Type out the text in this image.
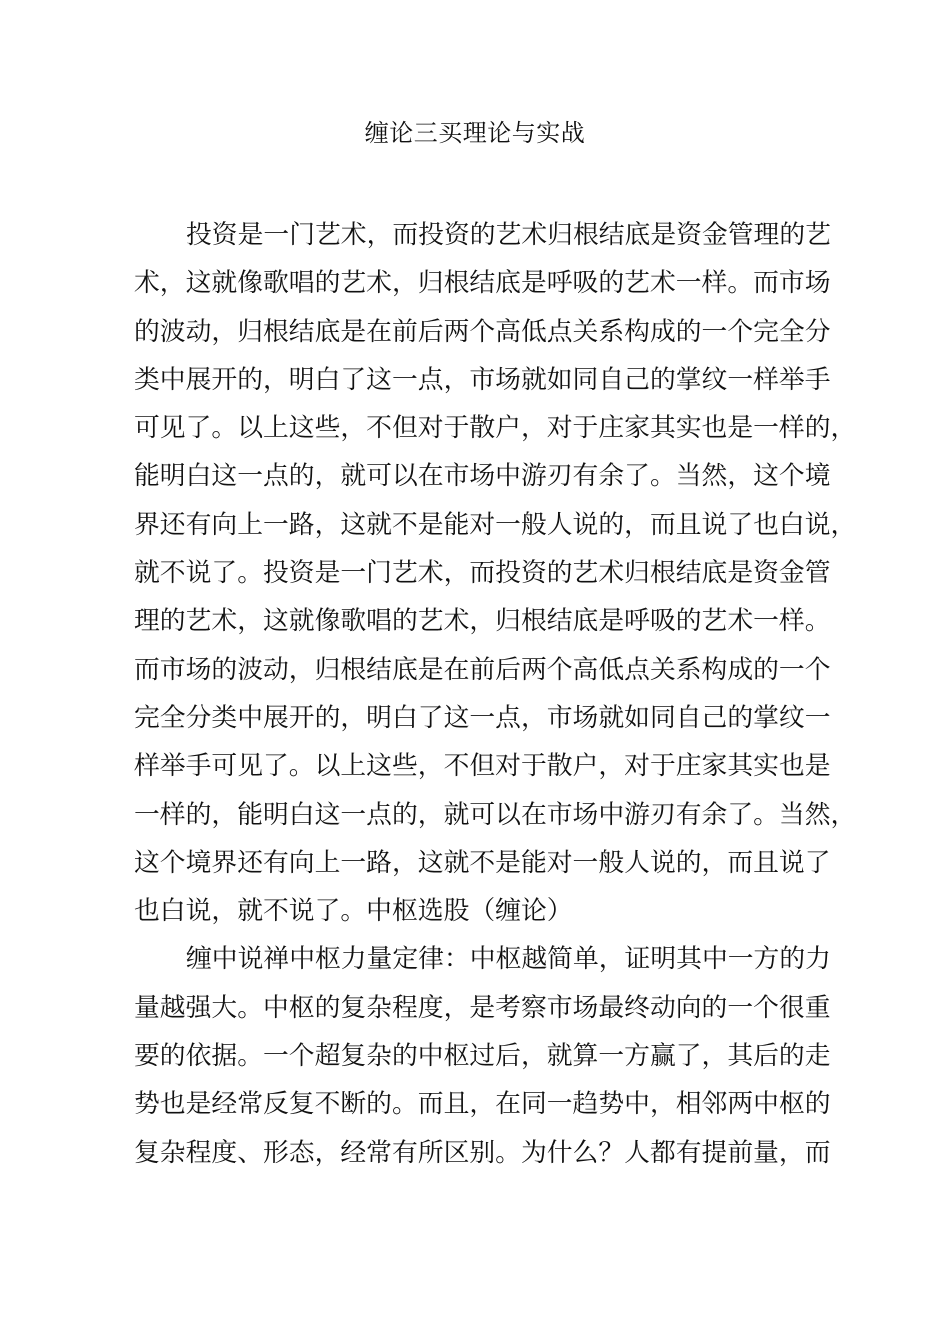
缠论三买理论与实战
投资是一门艺术，而投资的艺术归根结底是资金管理的艺
术，这就像歌唱的艺术，归根结底是呼吸的艺术一样。而市场
的波动，归根结底是在前后两个高低点关系构成的一个完全分
类中展开的，明白了这一点，市场就如同自己的掌纹一样举手
可见了。以上这些，不但对于散户，对于庄家其实也是一样的，
能明白这一点的，就可以在市场中游刃有余了。当然，这个境
界还有向上一路，这就不是能对一般人说的，而且说了也白说，
就不说了。投资是一门艺术，而投资的艺术归根结底是资金管
理的艺术，这就像歌唱的艺术，归根结底是呼吸的艺术一样。
而市场的波动，归根结底是在前后两个高低点关系构成的一个
完全分类中展开的，明白了这一点，市场就如同自己的掌纹一
样举手可见了。以上这些，不但对于散户，对于庄家其实也是
一样的，能明白这一点的，就可以在市场中游刃有余了。当然，
这个境界还有向上一路，这就不是能对一般人说的，而且说了
也白说，就不说了。中枢选股（缠论）
缠中说禅中枢力量定律：中枢越简单，证明其中一方的力
量越强大。中枢的复杂程度，是考察市场最终动向的一个很重
要的依据。一个超复杂的中枢过后，就算一方赢了，其后的走
势也是经常反复不断的。而且，在同一趋势中，相邻两中枢的
复杂程度、形态，经常有所区别。为什么？人都有提前量，而
